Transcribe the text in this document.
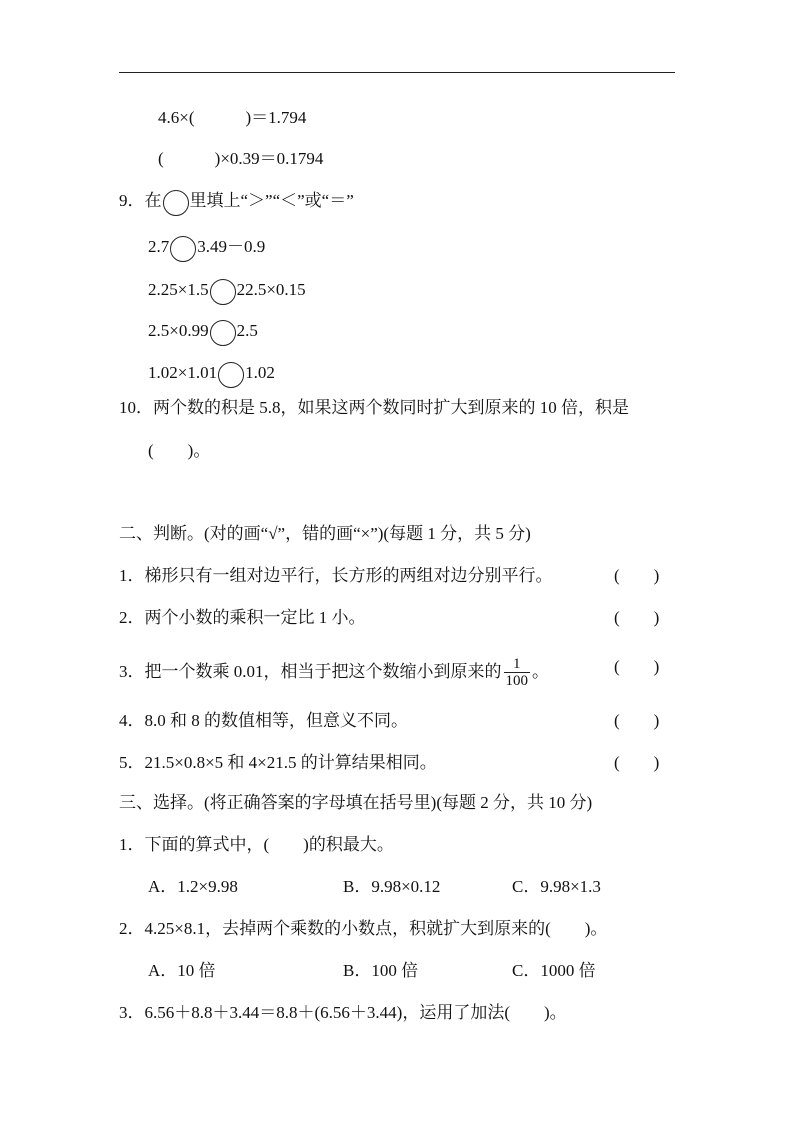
4.6×(　　　)＝1.794
(　　　)×0.39＝0.1794
9．在 里填上“＞”“＜”或“＝”
2.7 3.49－0.9
2.25×1.5 22.5×0.15
2.5×0.99 2.5
1.02×1.01 1.02
10．两个数的积是 5.8，如果这两个数同时扩大到原来的 10 倍，积是
(　　)。
二、判断。(对的画“√”，错的画“×”)(每题 1 分，共 5 分)
1．梯形只有一组对边平行，长方形的两组对边分别平行。	(　　)
2．两个小数的乘积一定比 1 小。	(　　)
3．把一个数乘 0.01，相当于把这个数缩小到原来的 $\frac{1}{100}$ 。	(　　)
4．8.0 和 8 的数值相等，但意义不同。	(　　)
5．21.5×0.8×5 和 4×21.5 的计算结果相同。	(　　)
三、选择。(将正确答案的字母填在括号里)(每题 2 分，共 10 分)
1．下面的算式中，(　　)的积最大。
A．1.2×9.98	B．9.98×0.12	C．9.98×1.3
2．4.25×8.1，去掉两个乘数的小数点，积就扩大到原来的(　　)。
A．10 倍	B．100 倍	C．1000 倍
3．6.56＋8.8＋3.44＝8.8＋(6.56＋3.44)，运用了加法(　　)。
